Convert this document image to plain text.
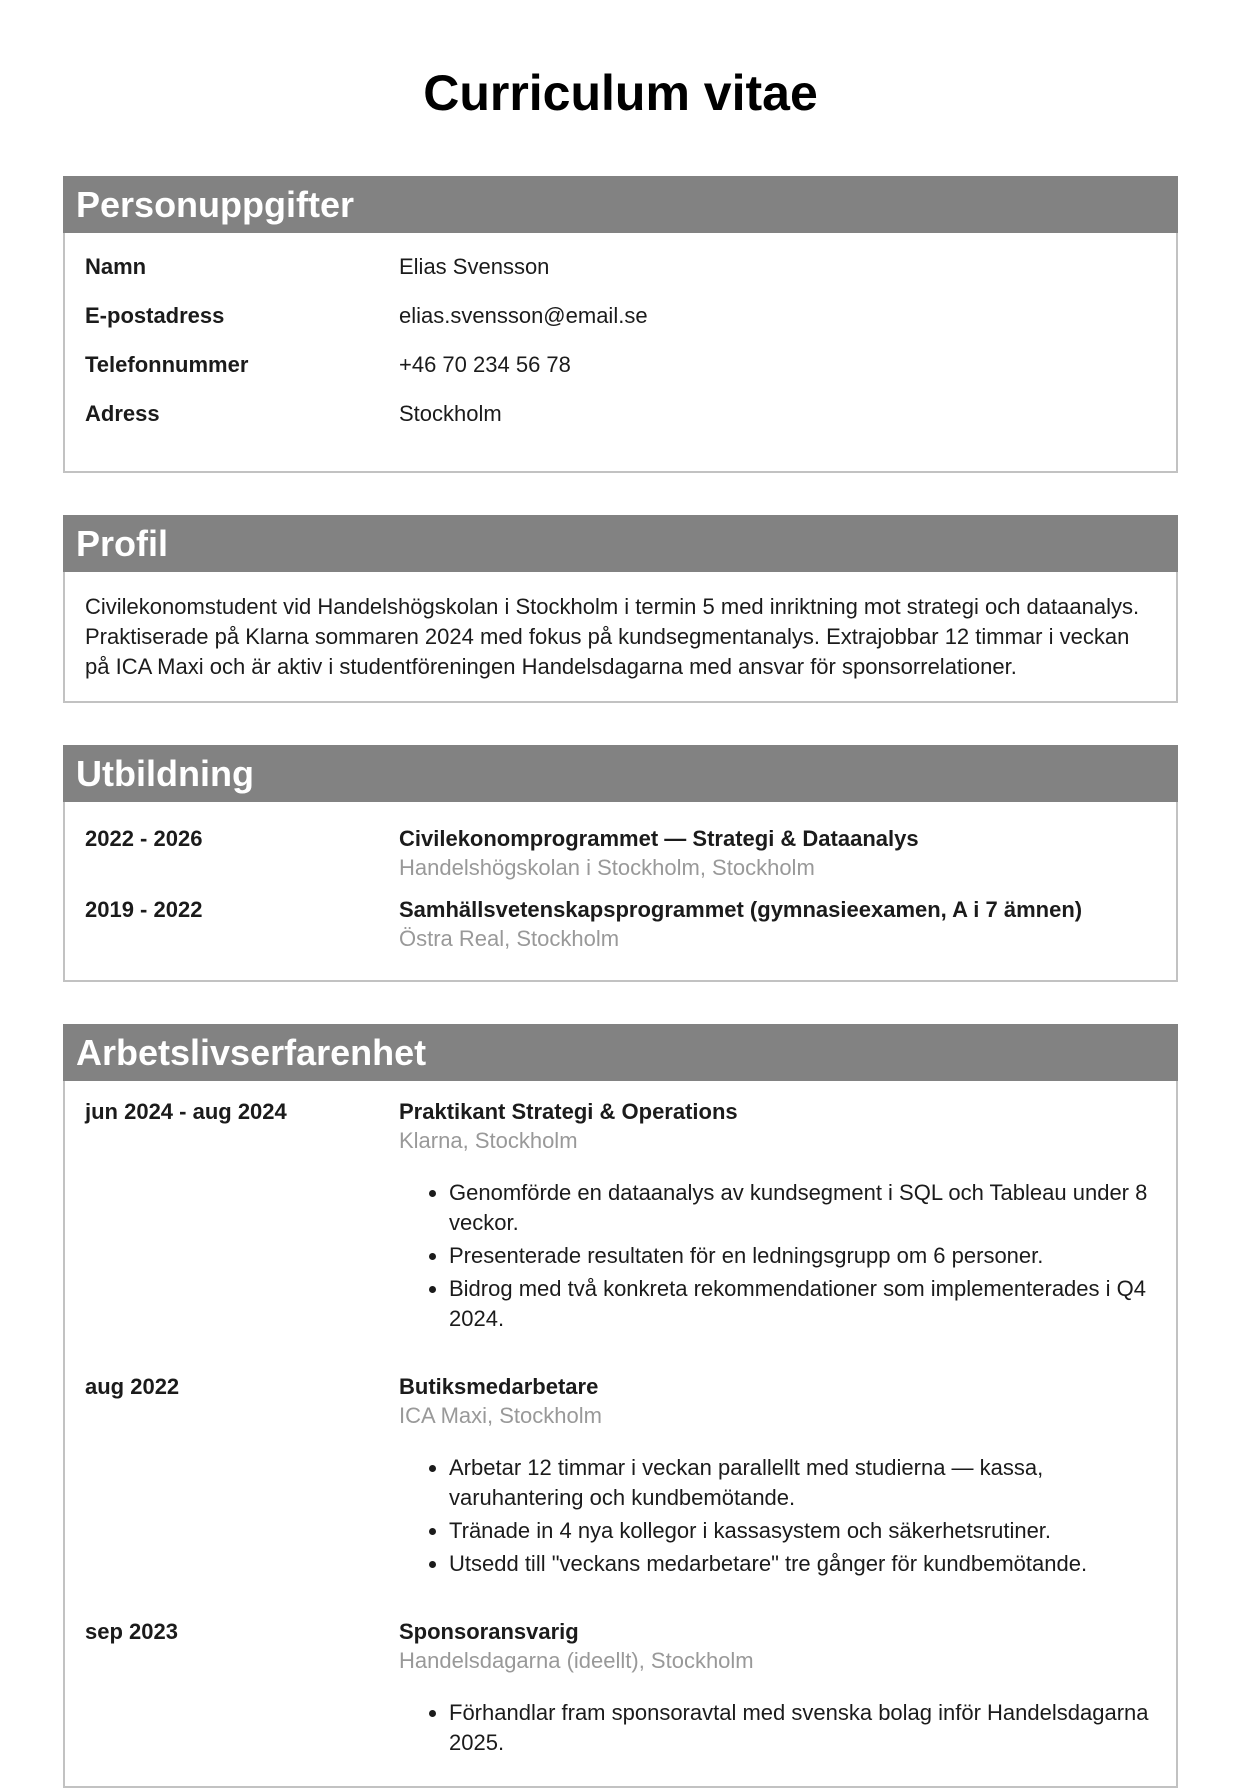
Curriculum vitae
Personuppgifter
Namn	Elias Svensson
E-postadress	elias.svensson@email.se
Telefonnummer	+46 70 234 56 78
Adress	Stockholm
Profil

Civilekonomstudent vid Handelshögskolan i Stockholm i termin 5 med inriktning mot strategi och dataanalys. Praktiserade på Klarna sommaren 2024 med fokus på kundsegmentanalys. Extrajobbar 12 timmar i veckan på ICA Maxi och är aktiv i studentföreningen Handelsdagarna med ansvar för sponsorrelationer.

Utbildning
2022 - 2026	Civilekonomprogrammet — Strategi & Dataanalys
Handelshögskolan i Stockholm, Stockholm
2019 - 2022	Samhällsvetenskapsprogrammet (gymnasieexamen, A i 7 ämnen)
Östra Real, Stockholm
Arbetslivserfarenhet
jun 2024 - aug 2024	Praktikant Strategi & Operations
Klarna, Stockholm
• Genomförde en dataanalys av kundsegment i SQL och Tableau under 8 veckor.
• Presenterade resultaten för en ledningsgrupp om 6 personer.
• Bidrog med två konkreta rekommendationer som implementerades i Q4 2024.
aug 2022	Butiksmedarbetare
ICA Maxi, Stockholm
• Arbetar 12 timmar i veckan parallellt med studierna — kassa, varuhantering och kundbemötande.
• Tränade in 4 nya kollegor i kassasystem och säkerhetsrutiner.
• Utsedd till "veckans medarbetare" tre gånger för kundbemötande.
sep 2023	Sponsoransvarig
Handelsdagarna (ideellt), Stockholm
• Förhandlar fram sponsoravtal med svenska bolag inför Handelsdagarna 2025.
